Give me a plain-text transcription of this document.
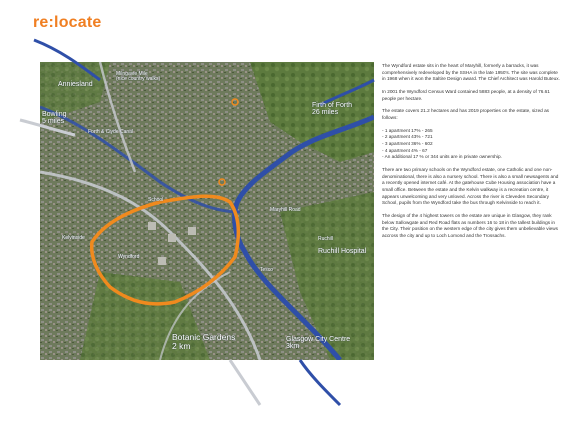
re:locate
Anniesland
Milngavie Mile
(nice country walks)
Bowling
5 miles
Firth of Forth
26 miles
Kelvinside	Ruchill
Ruchill Hospital
Tesco
Botanic Gardens
2 km
Glasgow City Centre
3km
School
Wyndford
Maryhill Road
Forth & Clyde Canal

The Wyndford estate sits in the heart of Maryhill, formerly a barracks, it was comprehensively redeveloped by the SSHA in the late 1950's. The site was complete in 1968 when it won the Saltire Design award. The Chief Architect was Harold Buteux.

In 2001 the Wyndford Census Ward contained 5883 people, at a density of 76.61 people per hectare.

The estate covers 21.2 hectares and has 2019 properties on the estate, sized as follows:

- 1 apartment 17% - 265
- 2 apartment 43% - 721
- 3 apartment 36% - 602
- 4 apartment 4% - 67
- An additional 17 % or 344 units are in private ownership.

There are two primary schools on the Wyndford estate, one Catholic and one non-denominational, there is also a nursery school. There is also a small newsagents and a recently opened internet café. At the gatehouse Cube Housing association have a small office. Between the estate and the Kelvin walkway is a recreation centre, it appears unwelcoming and very unloved. Across the river is Cleveden Secondary School, pupils from the Wyndford take the bus through Kelvinside to reach it.

The design of the 4 highest towers on the estate are unique in Glasgow, they rank below Sallowgate and Red Road flats as numbers 16 to 18 in the tallest buildings in the City. Their position on the western edge of the city gives them unbelievable views accross the city and up to Loch Lomond and the Trossachs.
